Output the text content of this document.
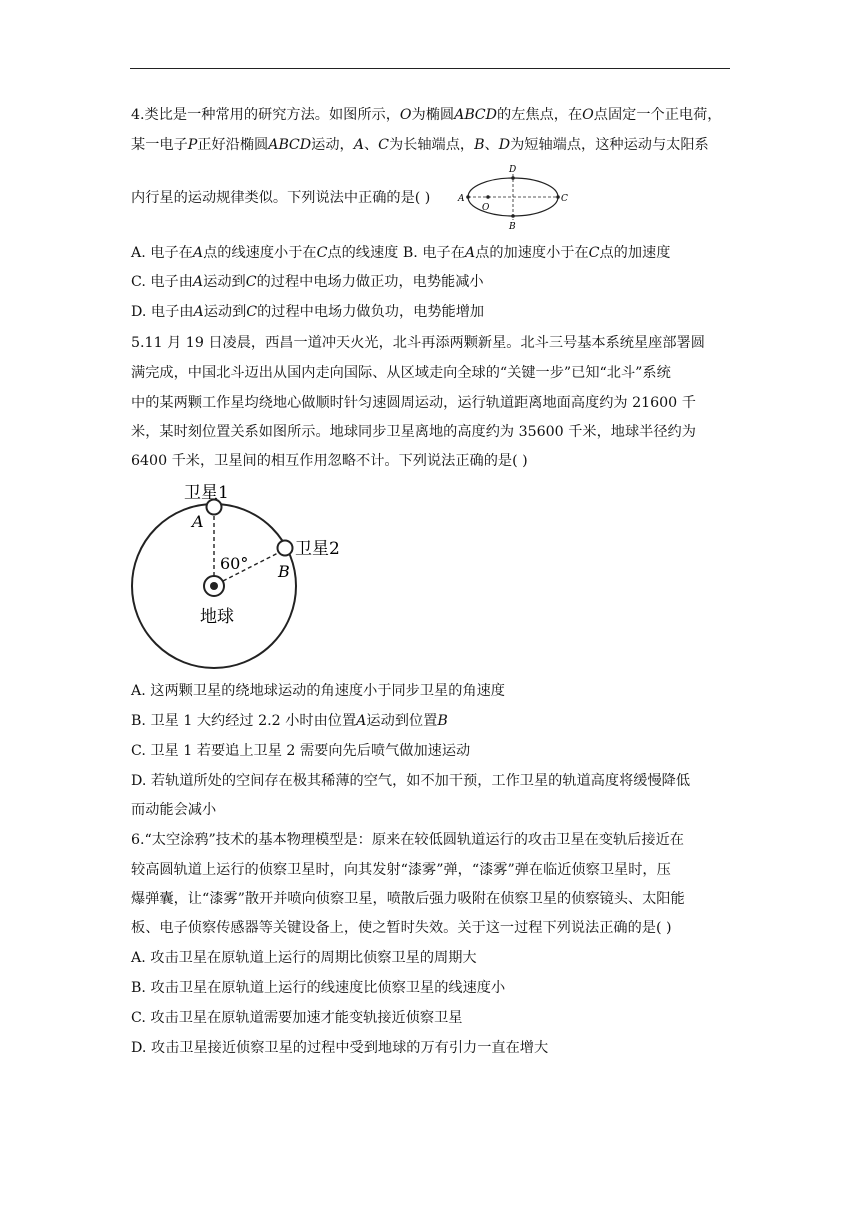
4.类比是一种常用的研究方法。如图所示，𝑂为椭圆𝐴𝐵𝐶𝐷的左焦点，在𝑂点固定一个正电荷，
某一电子𝑃正好沿椭圆𝐴𝐵𝐶𝐷运动，𝐴、𝐶为长轴端点，𝐵、𝐷为短轴端点，这种运动与太阳系
内行星的运动规律类似。下列说法中正确的是( )	A	C
D
B
O
A. 电子在𝐴点的线速度小于在𝐶点的线速度 B. 电子在𝐴点的加速度小于在𝐶点的加速度
C. 电子由𝐴运动到𝐶的过程中电场力做正功，电势能减小
D. 电子由𝐴运动到𝐶的过程中电场力做负功，电势能增加
5.11 月 19 日凌晨，西昌一道冲天火光，北斗再添两颗新星。北斗三号基本系统星座部署圆
满完成，中国北斗迈出从国内走向国际、从区域走向全球的“关键一步”已知“北斗”系统
中的某两颗工作星均绕地心做顺时针匀速圆周运动，运行轨道距离地面高度约为 21600 千
米，某时刻位置关系如图所示。地球同步卫星离地的高度约为 35600 千米，地球半径约为
6400 千米，卫星间的相互作用忽略不计。下列说法正确的是( )
卫星1
卫星2
A
B
60°
地球
A. 这两颗卫星的绕地球运动的角速度小于同步卫星的角速度
B. 卫星 1 大约经过 2.2 小时由位置𝐴运动到位置𝐵
C. 卫星 1 若要追上卫星 2 需要向先后喷气做加速运动
D. 若轨道所处的空间存在极其稀薄的空气，如不加干预，工作卫星的轨道高度将缓慢降低
而动能会减小
6.“太空涂鸦”技术的基本物理模型是：原来在较低圆轨道运行的攻击卫星在变轨后接近在
较高圆轨道上运行的侦察卫星时，向其发射“漆雾”弹，“漆雾”弹在临近侦察卫星时，压
爆弹囊，让“漆雾”散开并喷向侦察卫星，喷散后强力吸附在侦察卫星的侦察镜头、太阳能
板、电子侦察传感器等关键设备上，使之暂时失效。关于这一过程下列说法正确的是( )
A. 攻击卫星在原轨道上运行的周期比侦察卫星的周期大
B. 攻击卫星在原轨道上运行的线速度比侦察卫星的线速度小
C. 攻击卫星在原轨道需要加速才能变轨接近侦察卫星
D. 攻击卫星接近侦察卫星的过程中受到地球的万有引力一直在增大
